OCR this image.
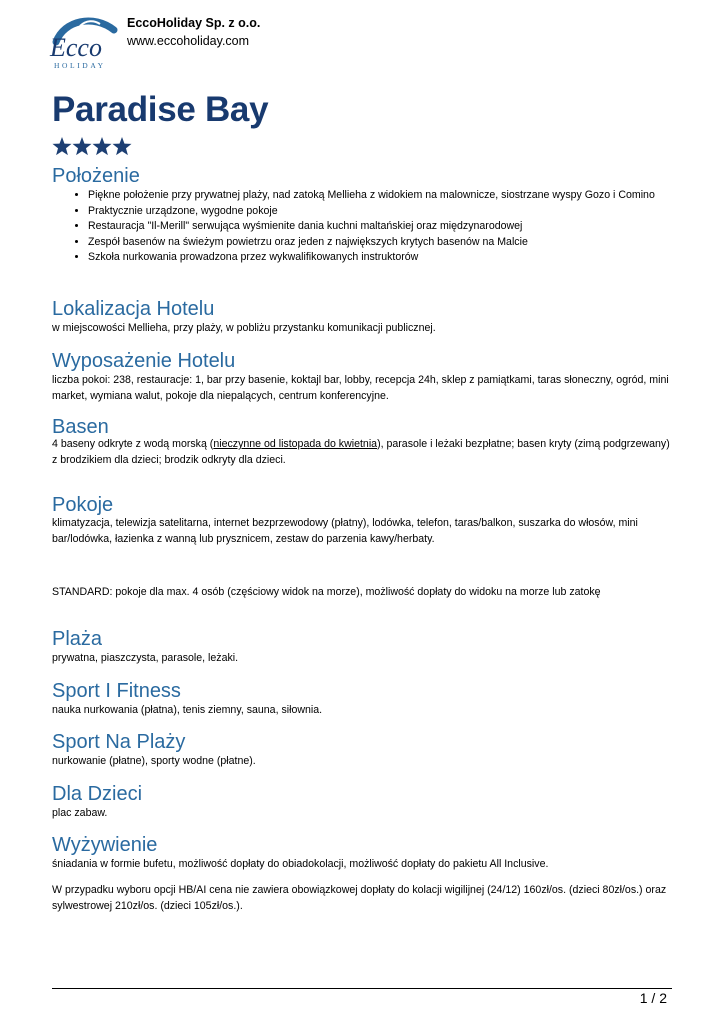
Ecco
HOLIDAY
EccoHoliday Sp. z o.o.
www.eccoholiday.com
Paradise Bay
Położenie
• Piękne położenie przy prywatnej plaży, nad zatoką Mellieha z widokiem na malownicze, siostrzane wyspy Gozo i Comino
• Praktycznie urządzone, wygodne pokoje
• Restauracja "Il-Merill" serwująca wyśmienite dania kuchni maltańskiej oraz międzynarodowej
• Zespół basenów na świeżym powietrzu oraz jeden z największych krytych basenów na Malcie
• Szkoła nurkowania prowadzona przez wykwalifikowanych instruktorów
Lokalizacja Hotelu

w miejscowości Mellieha, przy plaży, w pobliżu przystanku komunikacji publicznej.

Wyposażenie Hotelu

liczba pokoi: 238, restauracje: 1, bar przy basenie, koktajl bar, lobby, recepcja 24h, sklep z pamiątkami, taras słoneczny, ogród, mini market, wymiana walut, pokoje dla niepalących, centrum konferencyjne.

Basen

4 baseny odkryte z wodą morską (nieczynne od listopada do kwietnia), parasole i leżaki bezpłatne; basen kryty (zimą podgrzewany) z brodzikiem dla dzieci; brodzik odkryty dla dzieci.

Pokoje

klimatyzacja, telewizja satelitarna, internet bezprzewodowy (płatny), lodówka, telefon, taras/balkon, suszarka do włosów, mini bar/lodówka, łazienka z wanną lub prysznicem, zestaw do parzenia kawy/herbaty.

STANDARD: pokoje dla max. 4 osób (częściowy widok na morze), możliwość dopłaty do widoku na morze lub zatokę

Plaża

prywatna, piaszczysta, parasole, leżaki.

Sport I Fitness

nauka nurkowania (płatna), tenis ziemny, sauna, siłownia.

Sport Na Plaży

nurkowanie (płatne), sporty wodne (płatne).

Dla Dzieci

plac zabaw.

Wyżywienie

śniadania w formie bufetu, możliwość dopłaty do obiadokolacji, możliwość dopłaty do pakietu All Inclusive.

W przypadku wyboru opcji HB/AI cena nie zawiera obowiązkowej dopłaty do kolacji wigilijnej (24/12) 160zł/os. (dzieci 80zł/os.) oraz sylwestrowej 210zł/os. (dzieci 105zł/os.).

1 / 2
